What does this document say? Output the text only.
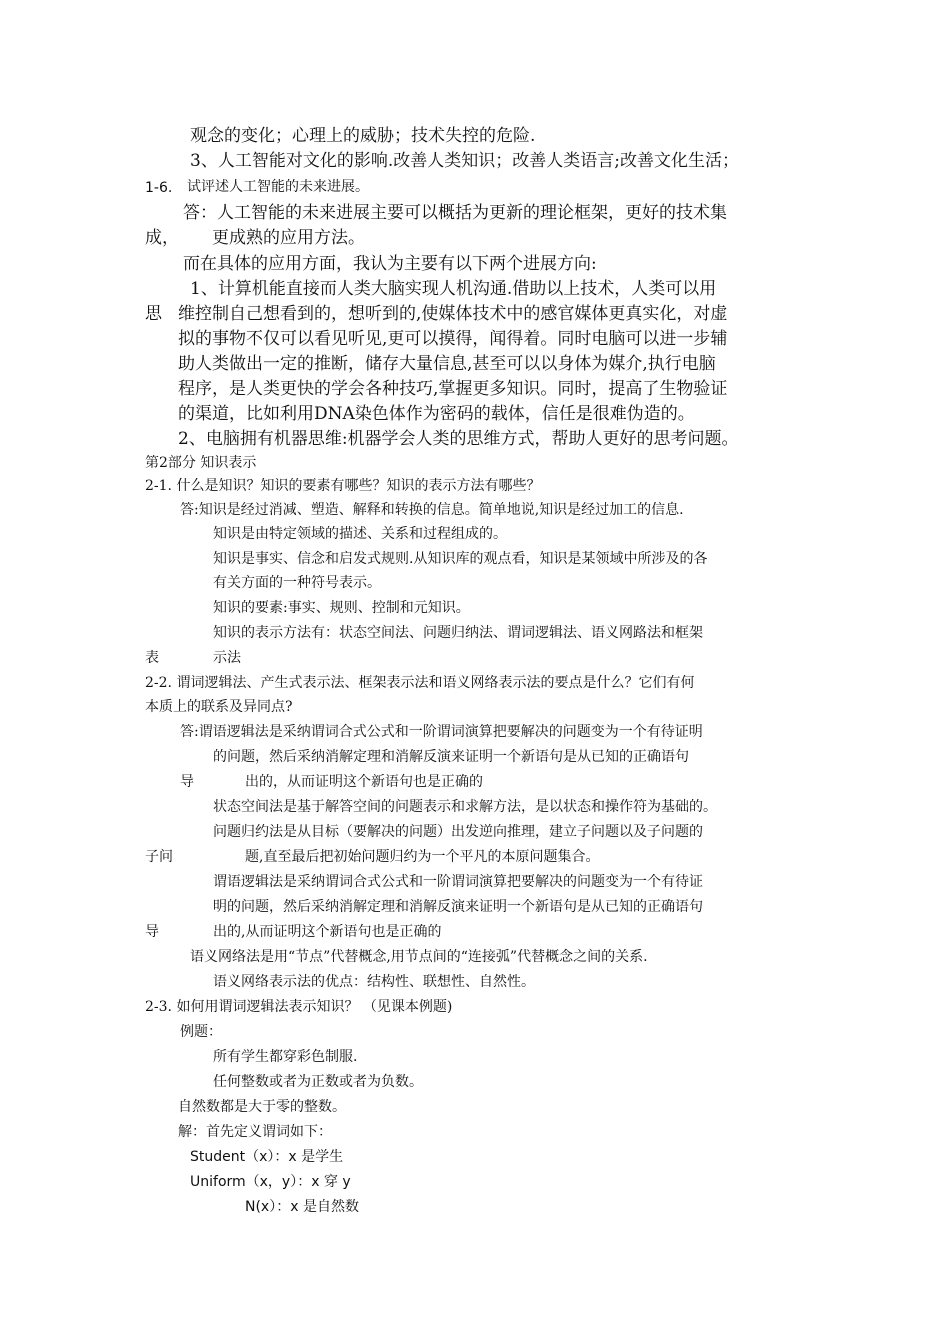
观念的变化；心理上的威胁；技术失控的危险.
3、人工智能对文化的影响.改善人类知识；改善人类语言;改善文化生活；
1-6. 试评述人工智能的未来进展。
答：人工智能的未来进展主要可以概括为更新的理论框架，更好的技术集
成， 更成熟的应用方法。
而在具体的应用方面，我认为主要有以下两个进展方向:
1、计算机能直接而人类大脑实现人机沟通.借助以上技术，人类可以用
思 维控制自己想看到的，想听到的,使媒体技术中的感官媒体更真实化，对虚
拟的事物不仅可以看见听见,更可以摸得，闻得着。同时电脑可以进一步辅
助人类做出一定的推断，储存大量信息,甚至可以以身体为媒介,执行电脑
程序，是人类更快的学会各种技巧,掌握更多知识。同时，提高了生物验证
的渠道，比如利用DNA染色体作为密码的载体，信任是很难伪造的。
2、电脑拥有机器思维:机器学会人类的思维方式，帮助人更好的思考问题。
第2部分 知识表示
2-1. 什么是知识？知识的要素有哪些？知识的表示方法有哪些？
答:知识是经过消减、塑造、解释和转换的信息。简单地说,知识是经过加工的信息.
知识是由特定领域的描述、关系和过程组成的。
知识是事实、信念和启发式规则.从知识库的观点看，知识是某领域中所涉及的各
有关方面的一种符号表示。
知识的要素:事实、规则、控制和元知识。
知识的表示方法有：状态空间法、问题归纳法、谓词逻辑法、语义网路法和框架
表	示法
2-2. 谓词逻辑法、产生式表示法、框架表示法和语义网络表示法的要点是什么？它们有何
本质上的联系及异同点?
答:谓语逻辑法是采纳谓词合式公式和一阶谓词演算把要解决的问题变为一个有待证明
的问题，然后采纳消解定理和消解反演来证明一个新语句是从已知的正确语句
导	出的，从而证明这个新语句也是正确的
状态空间法是基于解答空间的问题表示和求解方法，是以状态和操作符为基础的。
问题归约法是从目标（要解决的问题）出发逆向推理，建立子问题以及子问题的
子问	题,直至最后把初始问题归约为一个平凡的本原问题集合。
谓语逻辑法是采纳谓词合式公式和一阶谓词演算把要解决的问题变为一个有待证
明的问题，然后采纳消解定理和消解反演来证明一个新语句是从已知的正确语句
导	出的,从而证明这个新语句也是正确的
语义网络法是用“节点”代替概念,用节点间的“连接弧”代替概念之间的关系.
语义网络表示法的优点：结构性、联想性、自然性。
2-3. 如何用谓词逻辑法表示知识？ （见课本例题)
例题：
所有学生都穿彩色制服.
任何整数或者为正数或者为负数。
自然数都是大于零的整数。
解：首先定义谓词如下：
Student（x）：x 是学生
Uniform（x，y）：x 穿 y
N(x）：x 是自然数
